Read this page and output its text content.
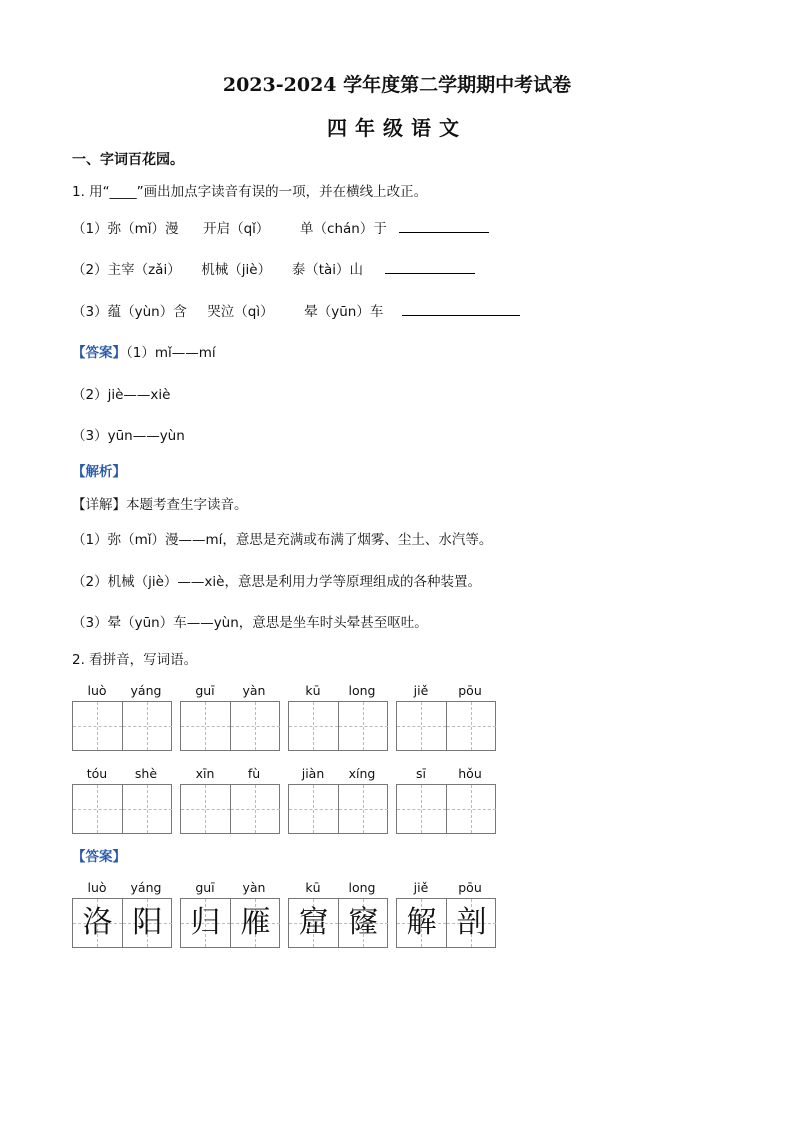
2023-2024 学年度第二学期期中考试卷
四年级语文
一、字词百花园。
1. 用“____”画出加点字读音有误的一项，并在横线上改正。
（1）弥（mǐ）漫 开启（qǐ） 单（chán）于
（2）主宰（zǎi） 机械（jiè） 泰（tài）山
（3）蕴（yùn）含 哭泣（qì） 晕（yūn）车
【答案】（1）mǐ——mí
（2）jiè——xiè
（3）yūn——yùn
【解析】
【详解】本题考查生字读音。
（1）弥（mǐ）漫——mí，意思是充满或布满了烟雾、尘土、水汽等。
（2）机械（jiè）——xiè，意思是利用力学等原理组成的各种装置。
（3）晕（yūn）车——yùn，意思是坐车时头晕甚至呕吐。
2. 看拼音，写词语。
luò	yáng	guī	yàn	kū	long	jiě	pōu
tóu	shè	xīn	fù	jiàn	xíng	sī	hǒu
【答案】
luò	yáng
洛 阳
guī	yàn
归 雁
kū	long
窟 窿
jiě	pōu
解 剖
